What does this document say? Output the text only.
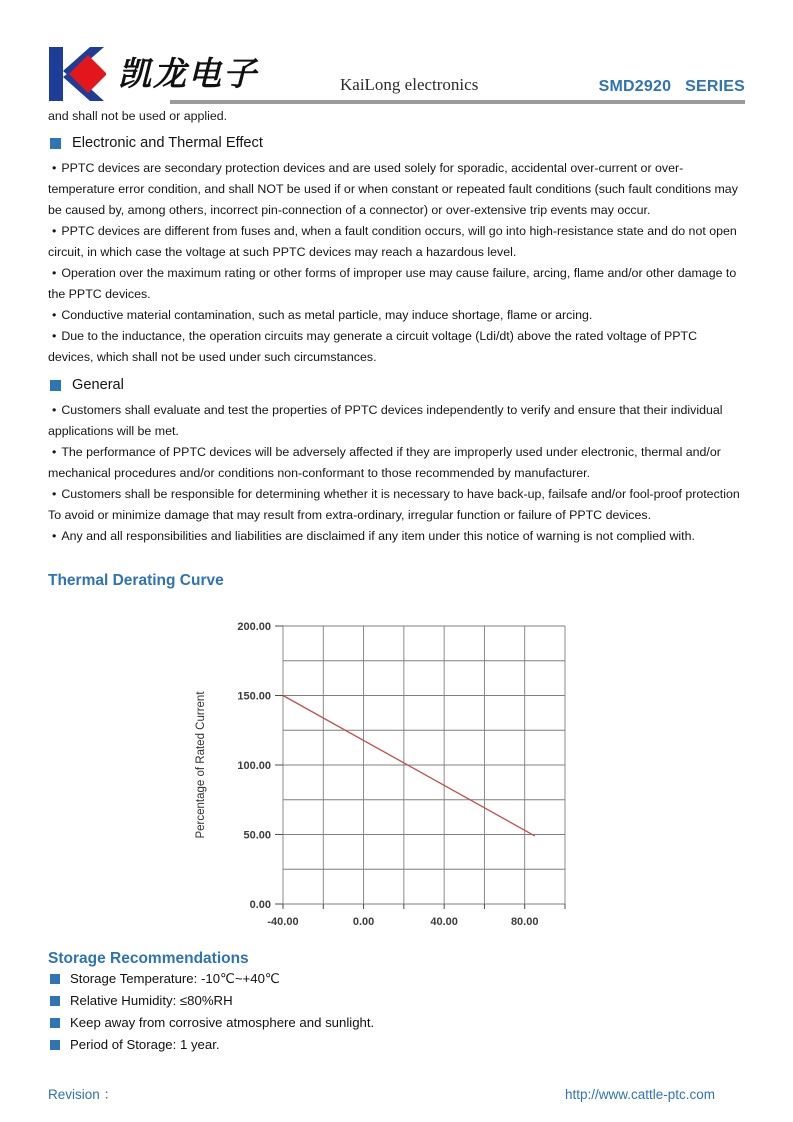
凯龙电子	KaiLong electronics	SMD2920   SERIES
and shall not be used or applied.
Electronic and Thermal Effect

• PPTC devices are secondary protection devices and are used solely for sporadic, accidental over-current or over-temperature error condition, and shall NOT be used if or when constant or repeated fault conditions (such fault conditions may be caused by, among others, incorrect pin-connection of a connector) or over-extensive trip events may occur.

• PPTC devices are different from fuses and, when a fault condition occurs, will go into high-resistance state and do not open circuit, in which case the voltage at such PPTC devices may reach a hazardous level.

• Operation over the maximum rating or other forms of improper use may cause failure, arcing, flame and/or other damage to the PPTC devices.

• Conductive material contamination, such as metal particle, may induce shortage, flame or arcing.

• Due to the inductance, the operation circuits may generate a circuit voltage (Ldi/dt) above the rated voltage of PPTC devices, which shall not be used under such circumstances.

General

• Customers shall evaluate and test the properties of PPTC devices independently to verify and ensure that their individual applications will be met.

• The performance of PPTC devices will be adversely affected if they are improperly used under electronic, thermal and/or mechanical procedures and/or conditions non-conformant to those recommended by manufacturer.

• Customers shall be responsible for determining whether it is necessary to have back-up, failsafe and/or fool-proof protection To avoid or minimize damage that may result from extra-ordinary, irregular function or failure of PPTC devices.

• Any and all responsibilities and liabilities are disclaimed if any item under this notice of warning is not complied with.

Thermal Derating Curve
0.00
50.00
100.00
150.00
200.00
-40.00	0.00	40.00	80.00
Percentage of Rated Current
Storage Recommendations
Storage Temperature: -10℃~+40℃
Relative Humidity: ≤80%RH
Keep away from corrosive atmosphere and sunlight.
Period of Storage: 1 year.
Revision ：	http://www.cattle-ptc.com
